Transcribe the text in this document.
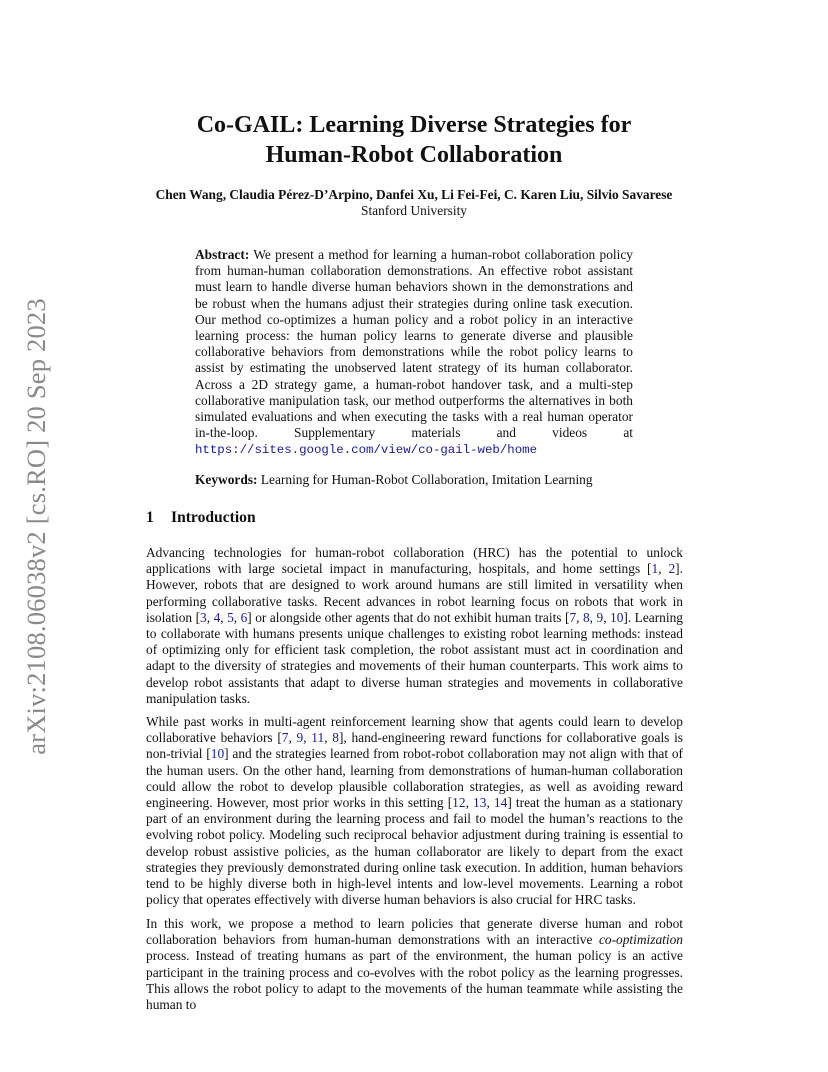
arXiv:2108.06038v2 [cs.RO] 20 Sep 2023
Co-GAIL: Learning Diverse Strategies for
Human-Robot Collaboration

Chen Wang, Claudia Pérez-D’Arpino, Danfei Xu, Li Fei-Fei, C. Karen Liu, Silvio Savarese

Stanford University

Abstract: We present a method for learning a human-robot collaboration policy from human-human collaboration demonstrations. An effective robot assistant must learn to handle diverse human behaviors shown in the demonstrations and be robust when the humans adjust their strategies during online task execution. Our method co-optimizes a human policy and a robot policy in an interactive learning process: the human policy learns to generate diverse and plausible collaborative behaviors from demonstrations while the robot policy learns to assist by estimating the unobserved latent strategy of its human collaborator. Across a 2D strategy game, a human-robot handover task, and a multi-step collaborative manipulation task, our method outperforms the alternatives in both simulated evaluations and when executing the tasks with a real human operator in-the-loop. Supplementary materials and videos at https://sites.google.com/view/co-gail-web/home

Keywords: Learning for Human-Robot Collaboration, Imitation Learning

1 Introduction

Advancing technologies for human-robot collaboration (HRC) has the potential to unlock applications with large societal impact in manufacturing, hospitals, and home settings [1, 2]. However, robots that are designed to work around humans are still limited in versatility when performing collaborative tasks. Recent advances in robot learning focus on robots that work in isolation [3, 4, 5, 6] or alongside other agents that do not exhibit human traits [7, 8, 9, 10]. Learning to collaborate with humans presents unique challenges to existing robot learning methods: instead of optimizing only for efficient task completion, the robot assistant must act in coordination and adapt to the diversity of strategies and movements of their human counterparts. This work aims to develop robot assistants that adapt to diverse human strategies and movements in collaborative manipulation tasks.

While past works in multi-agent reinforcement learning show that agents could learn to develop collaborative behaviors [7, 9, 11, 8], hand-engineering reward functions for collaborative goals is non-trivial [10] and the strategies learned from robot-robot collaboration may not align with that of the human users. On the other hand, learning from demonstrations of human-human collaboration could allow the robot to develop plausible collaboration strategies, as well as avoiding reward engineering. However, most prior works in this setting [12, 13, 14] treat the human as a stationary part of an environment during the learning process and fail to model the human’s reactions to the evolving robot policy. Modeling such reciprocal behavior adjustment during training is essential to develop robust assistive policies, as the human collaborator are likely to depart from the exact strategies they previously demonstrated during online task execution. In addition, human behaviors tend to be highly diverse both in high-level intents and low-level movements. Learning a robot policy that operates effectively with diverse human behaviors is also crucial for HRC tasks.

In this work, we propose a method to learn policies that generate diverse human and robot collaboration behaviors from human-human demonstrations with an interactive co-optimization process. Instead of treating humans as part of the environment, the human policy is an active participant in the training process and co-evolves with the robot policy as the learning progresses. This allows the robot policy to adapt to the movements of the human teammate while assisting the human to
